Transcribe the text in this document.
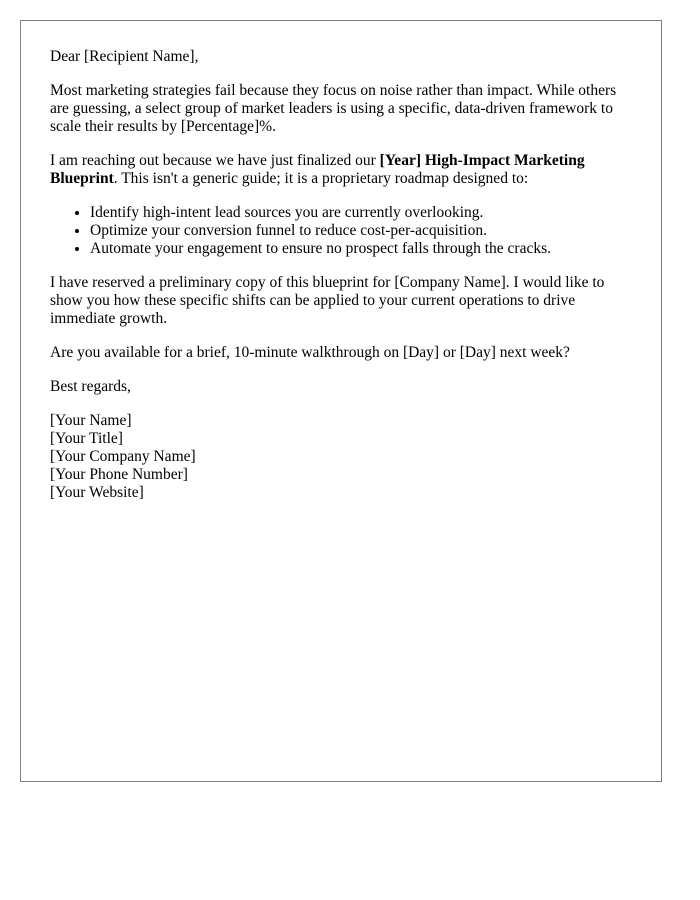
Dear [Recipient Name],

Most marketing strategies fail because they focus on noise rather than impact. While others are guessing, a select group of market leaders is using a specific, data-driven framework to scale their results by [Percentage]%.

I am reaching out because we have just finalized our [Year] High-Impact Marketing Blueprint. This isn't a generic guide; it is a proprietary roadmap designed to:

• Identify high-intent lead sources you are currently overlooking.
• Optimize your conversion funnel to reduce cost-per-acquisition.
• Automate your engagement to ensure no prospect falls through the cracks.

I have reserved a preliminary copy of this blueprint for [Company Name]. I would like to show you how these specific shifts can be applied to your current operations to drive immediate growth.

Are you available for a brief, 10-minute walkthrough on [Day] or [Day] next week?

Best regards,

[Your Name]
[Your Title]
[Your Company Name]
[Your Phone Number]
[Your Website]
